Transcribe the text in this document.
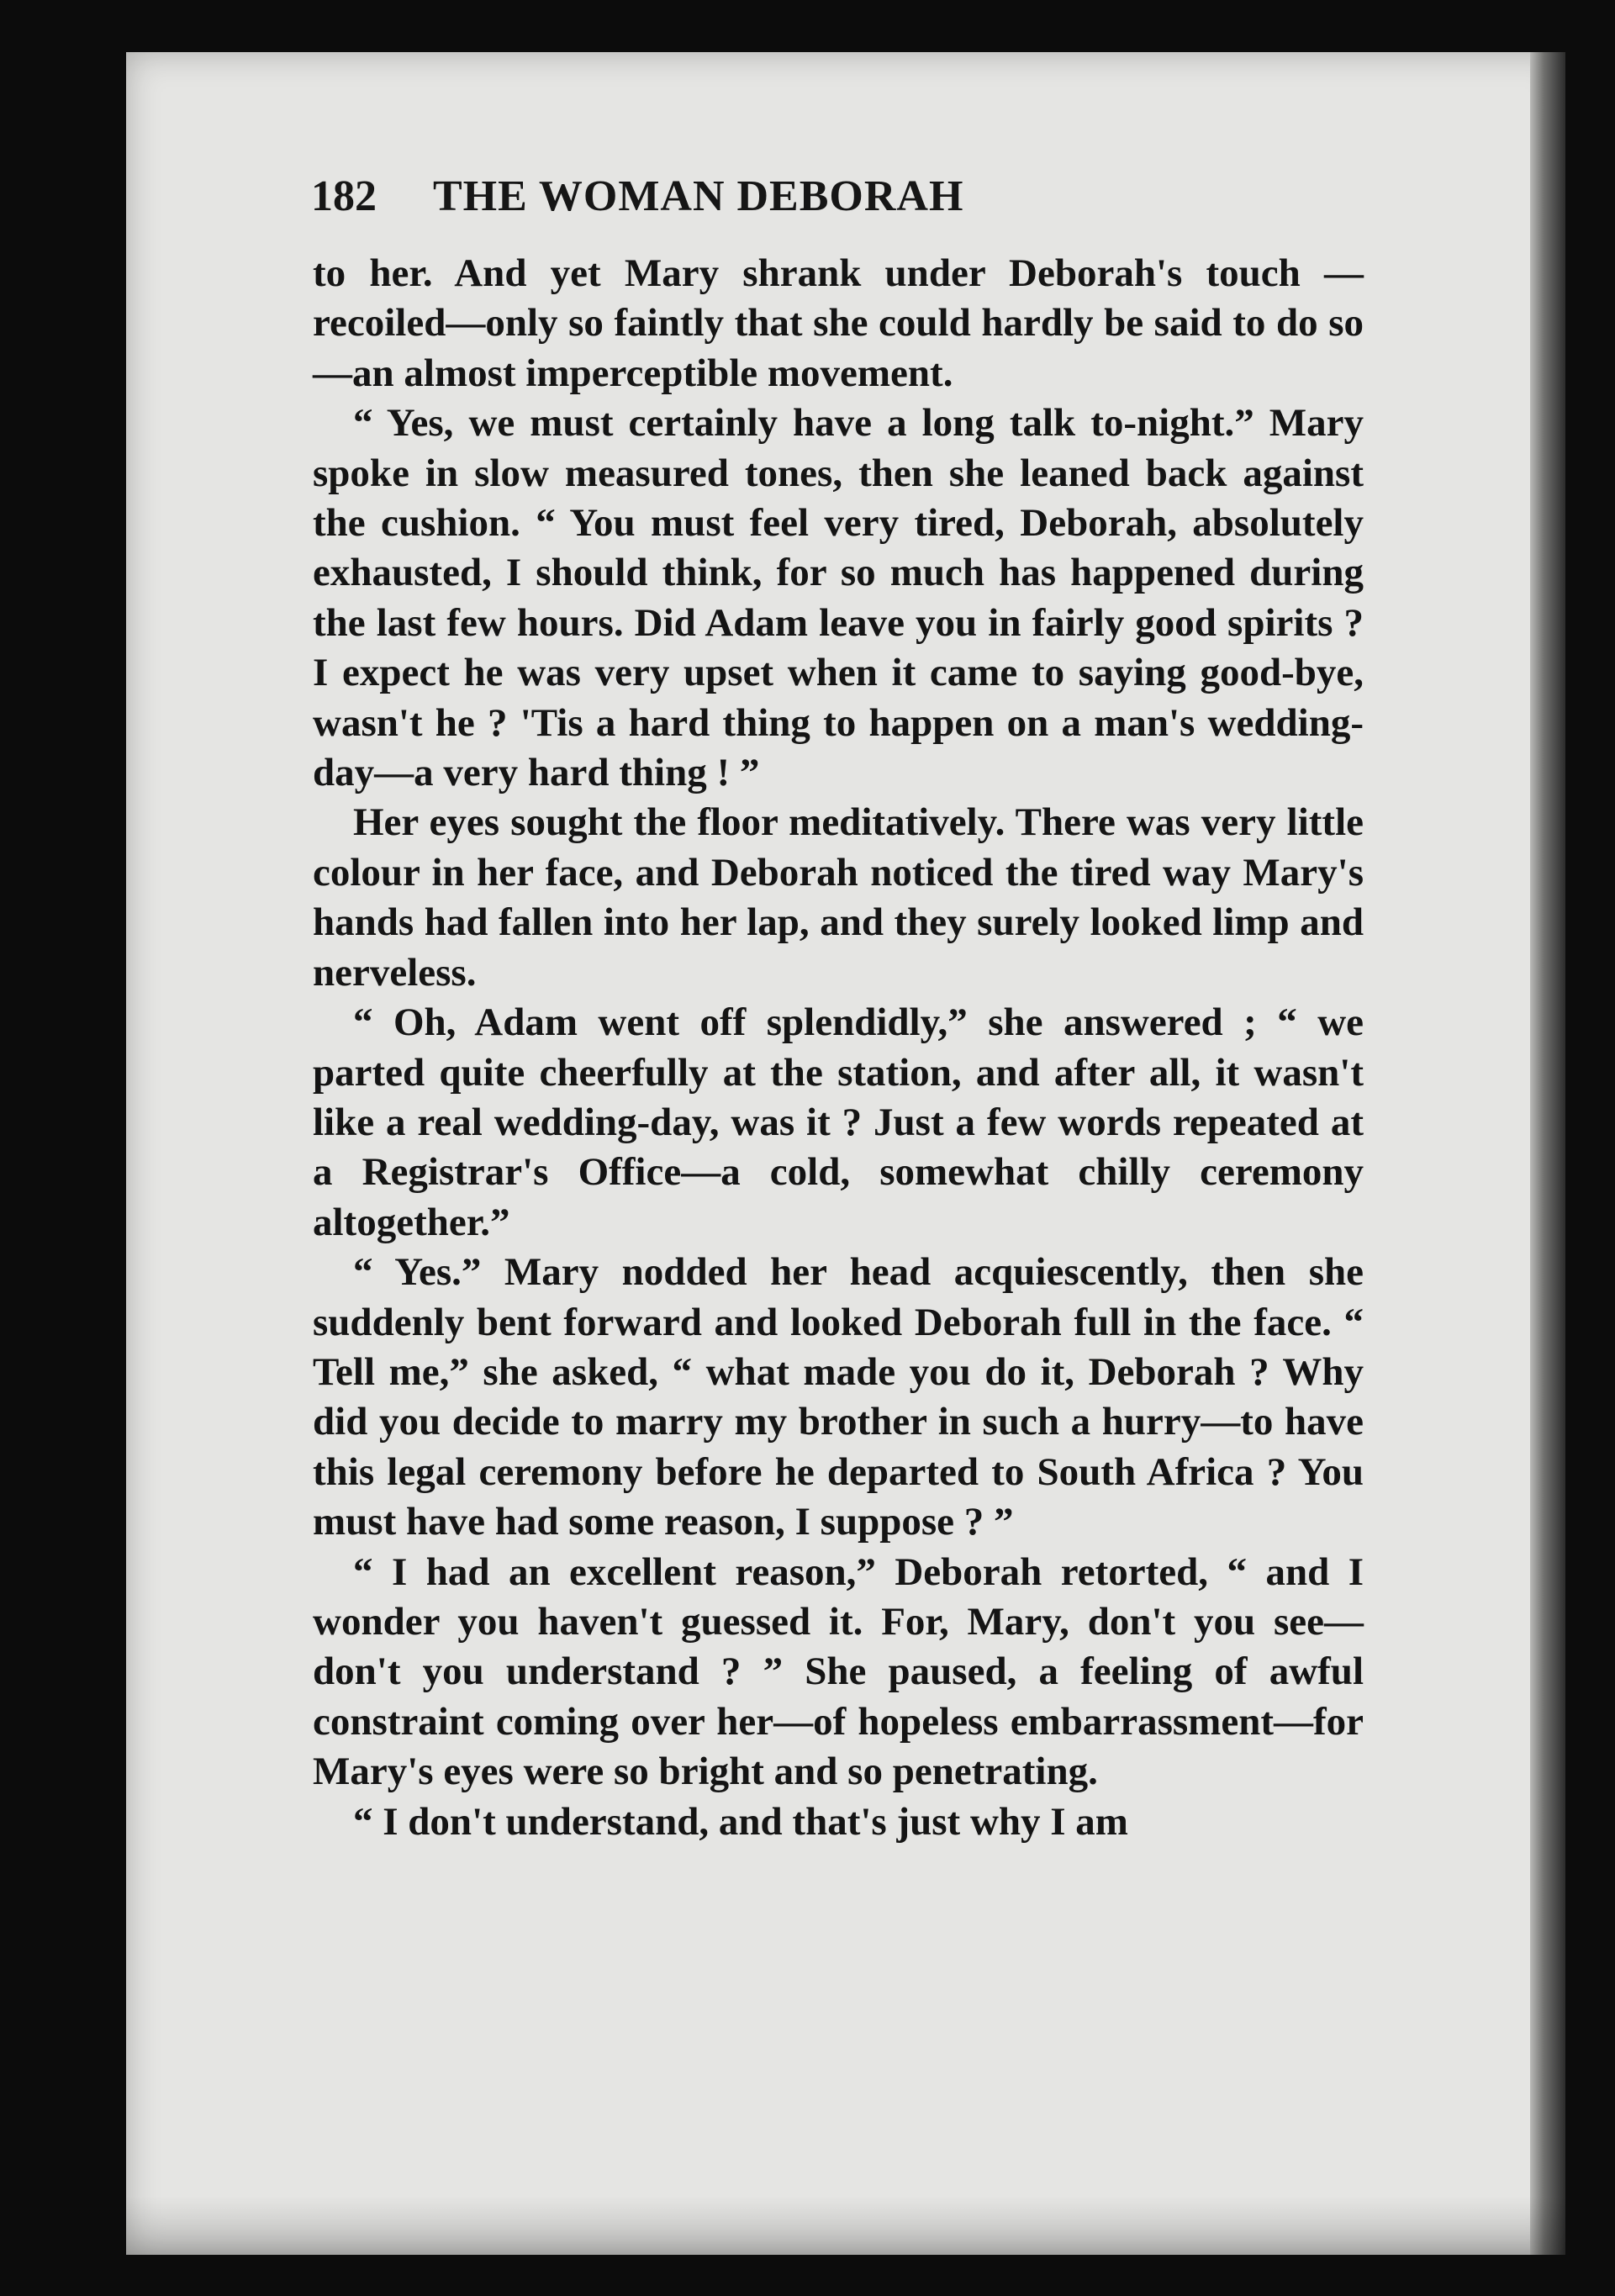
182 THE WOMAN DEBORAH

to her. And yet Mary shrank under Deborah's touch —recoiled—only so faintly that she could hardly be said to do so—an almost imperceptible movement.

“ Yes, we must certainly have a long talk to-night.” Mary spoke in slow measured tones, then she leaned back against the cushion. “ You must feel very tired, Deborah, absolutely exhausted, I should think, for so much has happened during the last few hours. Did Adam leave you in fairly good spirits ? I expect he was very upset when it came to saying good-bye, wasn't he ? 'Tis a hard thing to happen on a man's wedding-day—a very hard thing ! ”

Her eyes sought the floor meditatively. There was very little colour in her face, and Deborah noticed the tired way Mary's hands had fallen into her lap, and they surely looked limp and nerveless.

“ Oh, Adam went off splendidly,” she answered ; “ we parted quite cheerfully at the station, and after all, it wasn't like a real wedding-day, was it ? Just a few words repeated at a Registrar's Office—a cold, somewhat chilly ceremony altogether.”

“ Yes.” Mary nodded her head acquiescently, then she suddenly bent forward and looked Deborah full in the face. “ Tell me,” she asked, “ what made you do it, Deborah ? Why did you decide to marry my brother in such a hurry—to have this legal ceremony before he departed to South Africa ? You must have had some reason, I suppose ? ”

“ I had an excellent reason,” Deborah retorted, “ and I wonder you haven't guessed it. For, Mary, don't you see—don't you understand ? ” She paused, a feeling of awful constraint coming over her—of hopeless embarrassment—for Mary's eyes were so bright and so penetrating.

“ I don't understand, and that's just why I am
